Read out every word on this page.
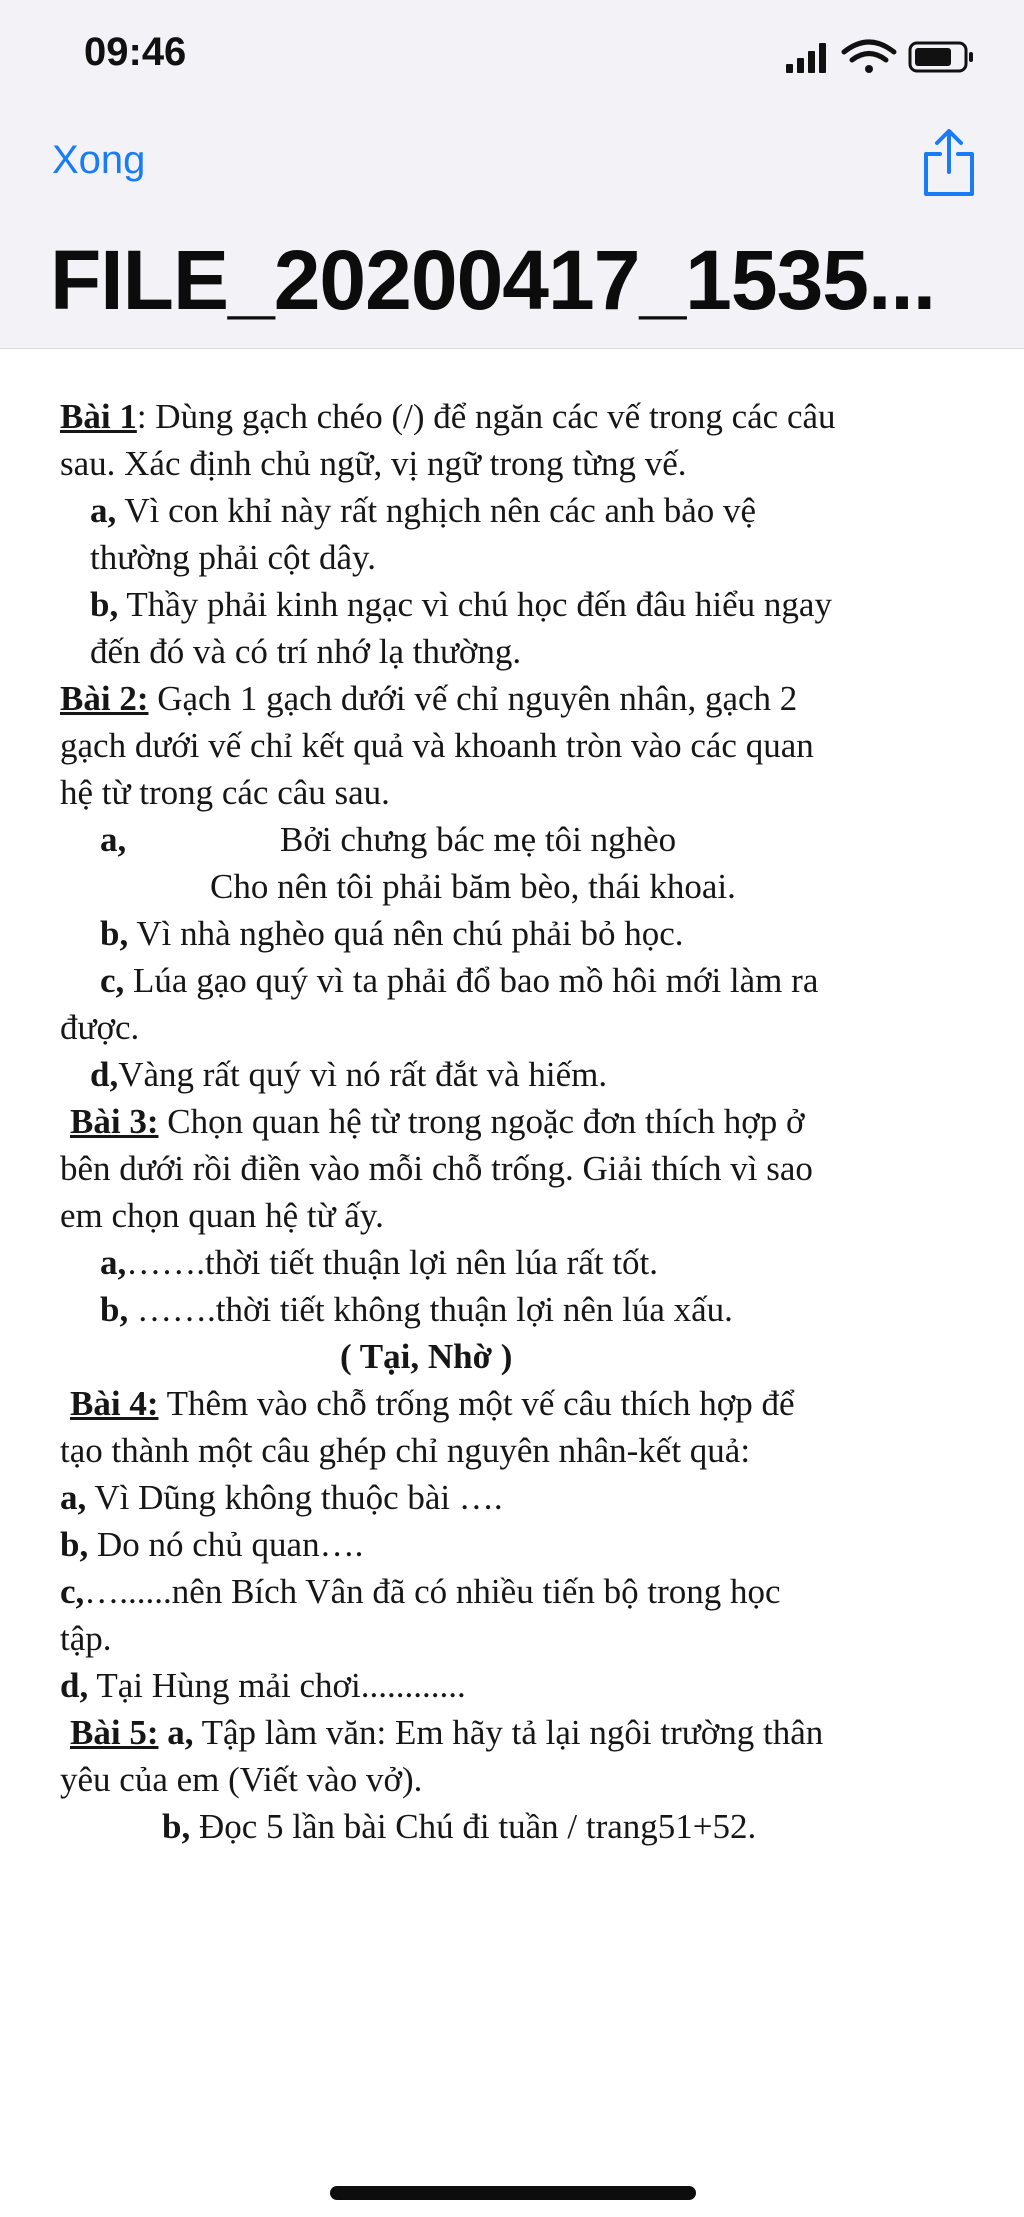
09:46
Xong
FILE_20200417_1535...
Bài 1: Dùng gạch chéo (/) để ngăn các vế trong các câu
sau. Xác định chủ ngữ, vị ngữ trong từng vế.
a, Vì con khỉ này rất nghịch nên các anh bảo vệ
thường phải cột dây.
b, Thầy phải kinh ngạc vì chú học đến đâu hiểu ngay
đến đó và có trí nhớ lạ thường.
Bài 2: Gạch 1 gạch dưới vế chỉ nguyên nhân, gạch 2
gạch dưới vế chỉ kết quả và khoanh tròn vào các quan
hệ từ trong các câu sau.
a,	Bởi chưng bác mẹ tôi nghèo
Cho nên tôi phải băm bèo, thái khoai.
b, Vì nhà nghèo quá nên chú phải bỏ học.
c, Lúa gạo quý vì ta phải đổ bao mồ hôi mới làm ra
được.
d,Vàng rất quý vì nó rất đắt và hiếm.
Bài 3: Chọn quan hệ từ trong ngoặc đơn thích hợp ở
bên dưới rồi điền vào mỗi chỗ trống. Giải thích vì sao
em chọn quan hệ từ ấy.
a,…….thời tiết thuận lợi nên lúa rất tốt.
b, …….thời tiết không thuận lợi nên lúa xấu.
( Tại, Nhờ )
Bài 4: Thêm vào chỗ trống một vế câu thích hợp để
tạo thành một câu ghép chỉ nguyên nhân-kết quả:
a, Vì Dũng không thuộc bài ….
b, Do nó chủ quan….
c,…......nên Bích Vân đã có nhiều tiến bộ trong học
tập.
d, Tại Hùng mải chơi............
Bài 5: a, Tập làm văn: Em hãy tả lại ngôi trường thân
yêu của em (Viết vào vở).
b, Đọc 5 lần bài Chú đi tuần / trang51+52.
